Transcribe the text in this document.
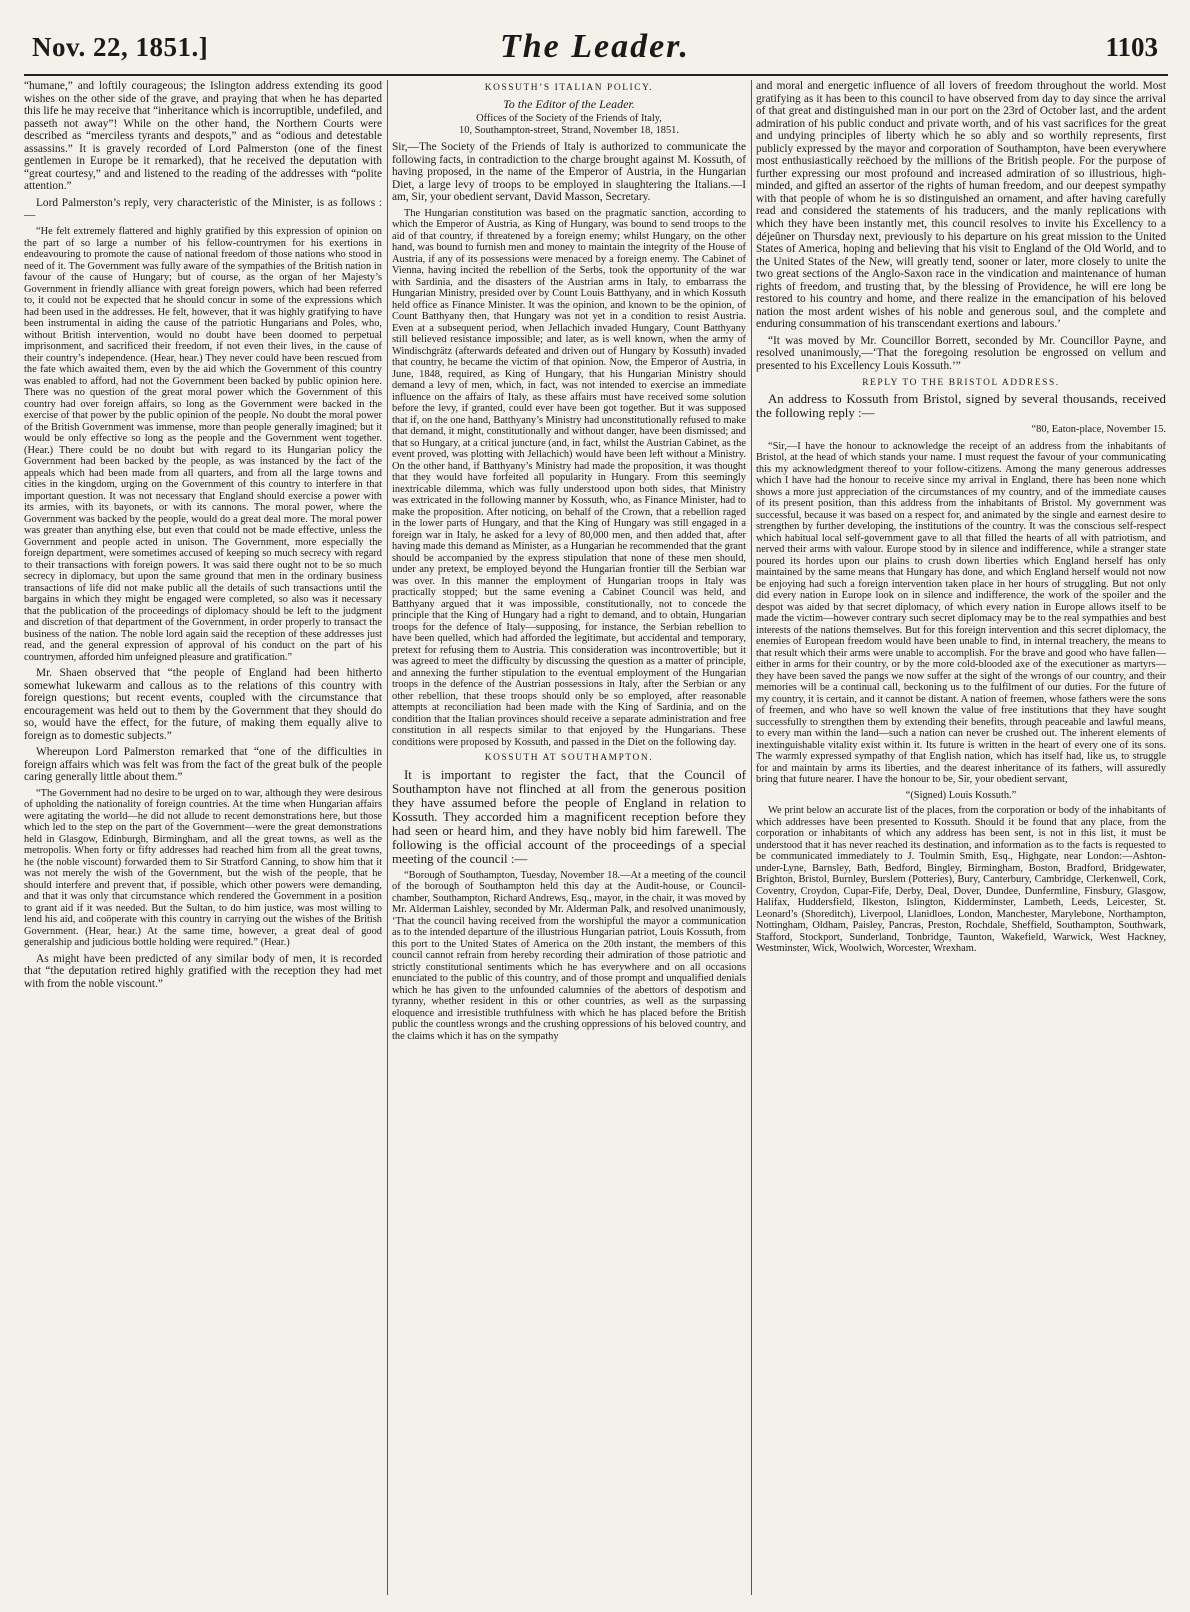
Nov. 22, 1851.]	The Leader.	1103

“humane,” and loftily courageous; the Islington address extending its good wishes on the other side of the grave, and praying that when he has departed this life he may receive that “inheritance which is incorruptible, undefiled, and passeth not away”! While on the other hand, the Northern Courts were described as “merciless tyrants and despots,” and as “odious and detestable assassins.” It is gravely recorded of Lord Palmerston (one of the finest gentlemen in Europe be it remarked), that he received the deputation with “great courtesy,” and and listened to the reading of the addresses with “polite attention.”

Lord Palmerston’s reply, very characteristic of the Minister, is as follows :—

“He felt extremely flattered and highly gratified by this expression of opinion on the part of so large a number of his fellow-countrymen for his exertions in endeavouring to promote the cause of national freedom of those nations who stood in need of it. The Government was fully aware of the sympathies of the British nation in favour of the cause of Hungary; but of course, as the organ of her Majesty’s Government in friendly alliance with great foreign powers, which had been referred to, it could not be expected that he should concur in some of the expressions which had been used in the addresses. He felt, however, that it was highly gratifying to have been instrumental in aiding the cause of the patriotic Hungarians and Poles, who, without British intervention, would no doubt have been doomed to perpetual imprisonment, and sacrificed their freedom, if not even their lives, in the cause of their country’s independence. (Hear, hear.) They never could have been rescued from the fate which awaited them, even by the aid which the Government of this country was enabled to afford, had not the Government been backed by public opinion here. There was no question of the great moral power which the Government of this country had over foreign affairs, so long as the Government were backed in the exercise of that power by the public opinion of the people. No doubt the moral power of the British Government was immense, more than people generally imagined; but it would be only effective so long as the people and the Government went together. (Hear.) There could be no doubt but with regard to its Hungarian policy the Government had been backed by the people, as was instanced by the fact of the appeals which had been made from all quarters, and from all the large towns and cities in the kingdom, urging on the Government of this country to interfere in that important question. It was not necessary that England should exercise a power with its armies, with its bayonets, or with its cannons. The moral power, where the Government was backed by the people, would do a great deal more. The moral power was greater than anything else, but even that could not be made effective, unless the Government and people acted in unison. The Government, more especially the foreign department, were sometimes accused of keeping so much secrecy with regard to their transactions with foreign powers. It was said there ought not to be so much secrecy in diplomacy, but upon the same ground that men in the ordinary business transactions of life did not make public all the details of such transactions until the bargains in which they might be engaged were completed, so also was it necessary that the publication of the proceedings of diplomacy should be left to the judgment and discretion of that department of the Government, in order properly to transact the business of the nation. The noble lord again said the reception of these addresses just read, and the general expression of approval of his conduct on the part of his countrymen, afforded him unfeigned pleasure and gratification.”

Mr. Shaen observed that “the people of England had been hitherto somewhat lukewarm and callous as to the relations of this country with foreign questions; but recent events, coupled with the circumstance that encouragement was held out to them by the Government that they should do so, would have the effect, for the future, of making them equally alive to foreign as to domestic subjects.”

Whereupon Lord Palmerston remarked that “one of the difficulties in foreign affairs which was felt was from the fact of the great bulk of the people caring generally little about them.”

“The Government had no desire to be urged on to war, although they were desirous of upholding the nationality of foreign countries. At the time when Hungarian affairs were agitating the world—he did not allude to recent demonstrations here, but those which led to the step on the part of the Government—were the great demonstrations held in Glasgow, Edinburgh, Birmingham, and all the great towns, as well as the metropolis. When forty or fifty addresses had reached him from all the great towns, he (the noble viscount) forwarded them to Sir Stratford Canning, to show him that it was not merely the wish of the Government, but the wish of the people, that he should interfere and prevent that, if possible, which other powers were demanding, and that it was only that circumstance which rendered the Government in a position to grant aid if it was needed. But the Sultan, to do him justice, was most willing to lend his aid, and coöperate with this country in carrying out the wishes of the British Government. (Hear, hear.) At the same time, however, a great deal of good generalship and judicious bottle holding were required.” (Hear.)

As might have been predicted of any similar body of men, it is recorded that “the deputation retired highly gratified with the reception they had met with from the noble viscount.”

KOSSUTH’S ITALIAN POLICY.
To the Editor of the Leader.
Offices of the Society of the Friends of Italy,
10, Southampton-street, Strand, November 18, 1851.

Sir,—The Society of the Friends of Italy is authorized to communicate the following facts, in contradiction to the charge brought against M. Kossuth, of having proposed, in the name of the Emperor of Austria, in the Hungarian Diet, a large levy of troops to be employed in slaughtering the Italians.—I am, Sir, your obedient servant, David Masson, Secretary.

The Hungarian constitution was based on the pragmatic sanction, according to which the Emperor of Austria, as King of Hungary, was bound to send troops to the aid of that country, if threatened by a foreign enemy; whilst Hungary, on the other hand, was bound to furnish men and money to maintain the integrity of the House of Austria, if any of its possessions were menaced by a foreign enemy. The Cabinet of Vienna, having incited the rebellion of the Serbs, took the opportunity of the war with Sardinia, and the disasters of the Austrian arms in Italy, to embarrass the Hungarian Ministry, presided over by Count Louis Batthyany, and in which Kossuth held office as Finance Minister. It was the opinion, and known to be the opinion, of Count Batthyany then, that Hungary was not yet in a condition to resist Austria. Even at a subsequent period, when Jellachich invaded Hungary, Count Batthyany still believed resistance impossible; and later, as is well known, when the army of Windischgrätz (afterwards defeated and driven out of Hungary by Kossuth) invaded that country, he became the victim of that opinion. Now, the Emperor of Austria, in June, 1848, required, as King of Hungary, that his Hungarian Ministry should demand a levy of men, which, in fact, was not intended to exercise an immediate influence on the affairs of Italy, as these affairs must have received some solution before the levy, if granted, could ever have been got together. But it was supposed that if, on the one hand, Batthyany’s Ministry had unconstitutionally refused to make that demand, it might, constitutionally and without danger, have been dismissed; and that so Hungary, at a critical juncture (and, in fact, whilst the Austrian Cabinet, as the event proved, was plotting with Jellachich) would have been left without a Ministry. On the other hand, if Batthyany’s Ministry had made the proposition, it was thought that they would have forfeited all popularity in Hungary. From this seemingly inextricable dilemma, which was fully understood upon both sides, that Ministry was extricated in the following manner by Kossuth, who, as Finance Minister, had to make the proposition. After noticing, on behalf of the Crown, that a rebellion raged in the lower parts of Hungary, and that the King of Hungary was still engaged in a foreign war in Italy, he asked for a levy of 80,000 men, and then added that, after having made this demand as Minister, as a Hungarian he recommended that the grant should be accompanied by the express stipulation that none of these men should, under any pretext, be employed beyond the Hungarian frontier till the Serbian war was over. In this manner the employment of Hungarian troops in Italy was practically stopped; but the same evening a Cabinet Council was held, and Batthyany argued that it was impossible, constitutionally, not to concede the principle that the King of Hungary had a right to demand, and to obtain, Hungarian troops for the defence of Italy—supposing, for instance, the Serbian rebellion to have been quelled, which had afforded the legitimate, but accidental and temporary, pretext for refusing them to Austria. This consideration was incontrovertible; but it was agreed to meet the difficulty by discussing the question as a matter of principle, and annexing the further stipulation to the eventual employment of the Hungarian troops in the defence of the Austrian possessions in Italy, after the Serbian or any other rebellion, that these troops should only be so employed, after reasonable attempts at reconciliation had been made with the King of Sardinia, and on the condition that the Italian provinces should receive a separate administration and free constitution in all respects similar to that enjoyed by the Hungarians. These conditions were proposed by Kossuth, and passed in the Diet on the following day.

KOSSUTH AT SOUTHAMPTON.

It is important to register the fact, that the Council of Southampton have not flinched at all from the generous position they have assumed before the people of England in relation to Kossuth. They accorded him a magnificent reception before they had seen or heard him, and they have nobly bid him farewell. The following is the official account of the proceedings of a special meeting of the council :—

“Borough of Southampton, Tuesday, November 18.—At a meeting of the council of the borough of Southampton held this day at the Audit-house, or Council-chamber, Southampton, Richard Andrews, Esq., mayor, in the chair, it was moved by Mr. Alderman Laishley, seconded by Mr. Alderman Palk, and resolved unanimously, ‘That the council having received from the worshipful the mayor a communication as to the intended departure of the illustrious Hungarian patriot, Louis Kossuth, from this port to the United States of America on the 20th instant, the members of this council cannot refrain from hereby recording their admiration of those patriotic and strictly constitutional sentiments which he has everywhere and on all occasions enunciated to the public of this country, and of those prompt and unqualified denials which he has given to the unfounded calumnies of the abettors of despotism and tyranny, whether resident in this or other countries, as well as the surpassing eloquence and irresistible truthfulness with which he has placed before the British public the countless wrongs and the crushing oppressions of his beloved country, and the claims which it has on the sympathy

and moral and energetic influence of all lovers of freedom throughout the world. Most gratifying as it has been to this council to have observed from day to day since the arrival of that great and distinguished man in our port on the 23rd of October last, and the ardent admiration of his public conduct and private worth, and of his vast sacrifices for the great and undying principles of liberty which he so ably and so worthily represents, first publicly expressed by the mayor and corporation of Southampton, have been everywhere most enthusiastically reëchoed by the millions of the British people. For the purpose of further expressing our most profound and increased admiration of so illustrious, high-minded, and gifted an assertor of the rights of human freedom, and our deepest sympathy with that people of whom he is so distinguished an ornament, and after having carefully read and considered the statements of his traducers, and the manly replications with which they have been instantly met, this council resolves to invite his Excellency to a déjeûner on Thursday next, previously to his departure on his great mission to the United States of America, hoping and believing that his visit to England of the Old World, and to the United States of the New, will greatly tend, sooner or later, more closely to unite the two great sections of the Anglo-Saxon race in the vindication and maintenance of human rights of freedom, and trusting that, by the blessing of Providence, he will ere long be restored to his country and home, and there realize in the emancipation of his beloved nation the most ardent wishes of his noble and generous soul, and the complete and enduring consummation of his transcendant exertions and labours.’

“It was moved by Mr. Councillor Borrett, seconded by Mr. Councillor Payne, and resolved unanimously,—‘That the foregoing resolution be engrossed on vellum and presented to his Excellency Louis Kossuth.’”

REPLY TO THE BRISTOL ADDRESS.

An address to Kossuth from Bristol, signed by several thousands, received the following reply :—

“80, Eaton-place, November 15.

“Sir,—I have the honour to acknowledge the receipt of an address from the inhabitants of Bristol, at the head of which stands your name. I must request the favour of your communicating this my acknowledgment thereof to your follow-citizens. Among the many generous addresses which I have had the honour to receive since my arrival in England, there has been none which shows a more just appreciation of the circumstances of my country, and of the immediate causes of its present position, than this address from the inhabitants of Bristol. My government was successful, because it was based on a respect for, and animated by the single and earnest desire to strengthen by further developing, the institutions of the country. It was the conscious self-respect which habitual local self-government gave to all that filled the hearts of all with patriotism, and nerved their arms with valour. Europe stood by in silence and indifference, while a stranger state poured its hordes upon our plains to crush down liberties which England herself has only maintained by the same means that Hungary has done, and which England herself would not now be enjoying had such a foreign intervention taken place in her hours of struggling. But not only did every nation in Europe look on in silence and indifference, the work of the spoiler and the despot was aided by that secret diplomacy, of which every nation in Europe allows itself to be made the victim—however contrary such secret diplomacy may be to the real sympathies and best interests of the nations themselves. But for this foreign intervention and this secret diplomacy, the enemies of European freedom would have been unable to find, in internal treachery, the means to that result which their arms were unable to accomplish. For the brave and good who have fallen—either in arms for their country, or by the more cold-blooded axe of the executioner as martyrs—they have been saved the pangs we now suffer at the sight of the wrongs of our country, and their memories will be a continual call, beckoning us to the fulfilment of our duties. For the future of my country, it is certain, and it cannot be distant. A nation of freemen, whose fathers were the sons of freemen, and who have so well known the value of free institutions that they have sought successfully to strengthen them by extending their benefits, through peaceable and lawful means, to every man within the land—such a nation can never be crushed out. The inherent elements of inextinguishable vitality exist within it. Its future is written in the heart of every one of its sons. The warmly expressed sympathy of that English nation, which has itself had, like us, to struggle for and maintain by arms its liberties, and the dearest inheritance of its fathers, will assuredly bring that future nearer. I have the honour to be, Sir, your obedient servant,

“(Signed) Louis Kossuth.”

We print below an accurate list of the places, from the corporation or body of the inhabitants of which addresses have been presented to Kossuth. Should it be found that any place, from the corporation or inhabitants of which any address has been sent, is not in this list, it must be understood that it has never reached its destination, and information as to the facts is requested to be communicated immediately to J. Toulmin Smith, Esq., Highgate, near London:—Ashton-under-Lyne, Barnsley, Bath, Bedford, Bingley, Birmingham, Boston, Bradford, Bridgewater, Brighton, Bristol, Burnley, Burslem (Potteries), Bury, Canterbury, Cambridge, Clerkenwell, Cork, Coventry, Croydon, Cupar-Fife, Derby, Deal, Dover, Dundee, Dunfermline, Finsbury, Glasgow, Halifax, Huddersfield, Ilkeston, Islington, Kidderminster, Lambeth, Leeds, Leicester, St. Leonard’s (Shoreditch), Liverpool, Llanidloes, London, Manchester, Marylebone, Northampton, Nottingham, Oldham, Paisley, Pancras, Preston, Rochdale, Sheffield, Southampton, Southwark, Stafford, Stockport, Sunderland, Tonbridge, Taunton, Wakefield, Warwick, West Hackney, Westminster, Wick, Woolwich, Worcester, Wrexham.
